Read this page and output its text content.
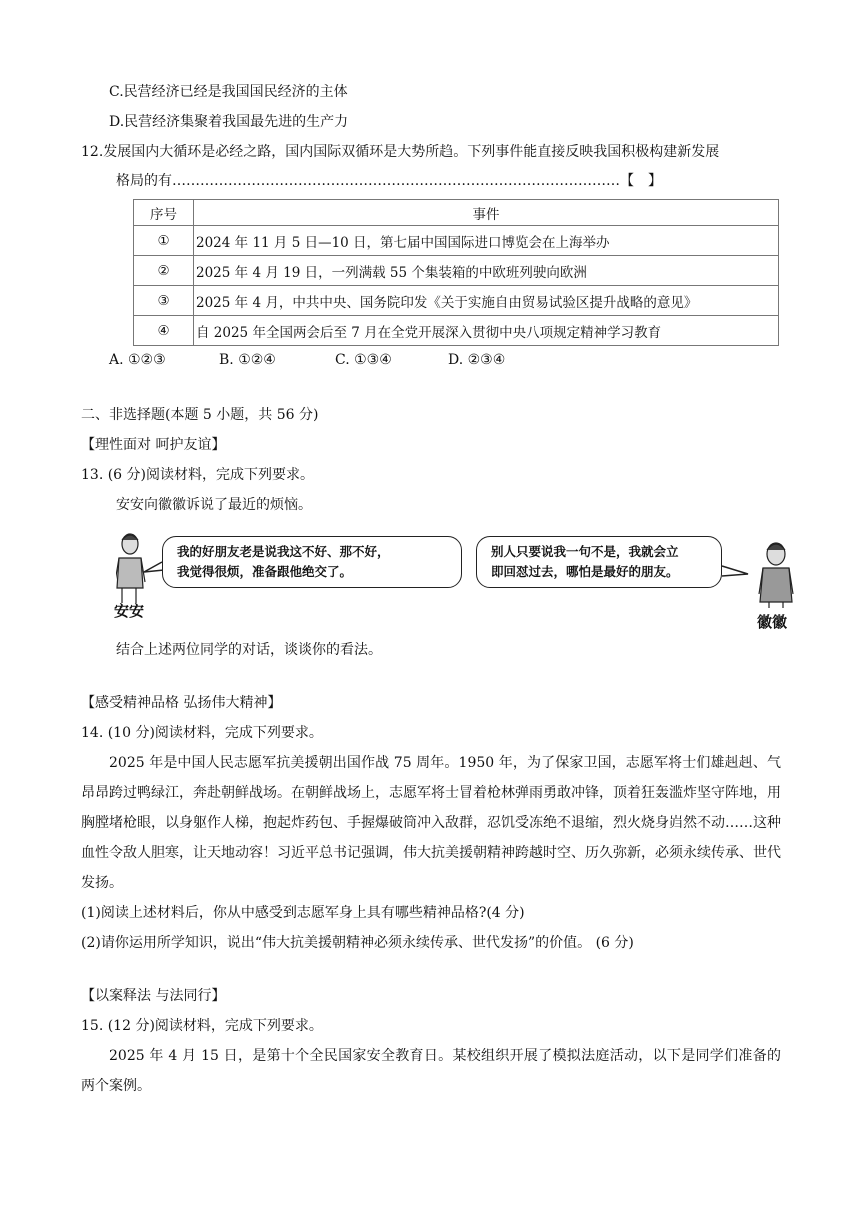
C.民营经济已经是我国国民经济的主体
D.民营经济集聚着我国最先进的生产力
12.发展国内大循环是必经之路，国内国际双循环是大势所趋。下列事件能直接反映我国积极构建新发展
格局的有……………………………………………………………………………………【　】
序号	事件
①	2024 年 11 月 5 日—10 日，第七届中国国际进口博览会在上海举办
②	2025 年 4 月 19 日，一列满载 55 个集装箱的中欧班列驶向欧洲
③	2025 年 4 月，中共中央、国务院印发《关于实施自由贸易试验区提升战略的意见》
④	自 2025 年全国两会后至 7 月在全党开展深入贯彻中央八项规定精神学习教育
A. ①②③	B. ①②④	C. ①③④	D. ②③④
二、非选择题(本题 5 小题，共 56 分)
【理性面对 呵护友谊】
13. (6 分)阅读材料，完成下列要求。
安安向徽徽诉说了最近的烦恼。
我的好朋友老是说我这不好、那不好，
我觉得很烦，准备跟他绝交了。
别人只要说我一句不是，我就会立
即回怼过去，哪怕是最好的朋友。
安安
徽徽
结合上述两位同学的对话，谈谈你的看法。
【感受精神品格 弘扬伟大精神】
14. (10 分)阅读材料，完成下列要求。

2025 年是中国人民志愿军抗美援朝出国作战 75 周年。1950 年，为了保家卫国，志愿军将士们雄赳赳、气昂昂跨过鸭绿江，奔赴朝鲜战场。在朝鲜战场上，志愿军将士冒着枪林弹雨勇敢冲锋，顶着狂轰滥炸坚守阵地，用胸膛堵枪眼，以身躯作人梯，抱起炸药包、手握爆破筒冲入敌群，忍饥受冻绝不退缩，烈火烧身岿然不动……这种血性令敌人胆寒，让天地动容！习近平总书记强调，伟大抗美援朝精神跨越时空、历久弥新，必须永续传承、世代发扬。

(1)阅读上述材料后，你从中感受到志愿军身上具有哪些精神品格?(4 分)
(2)请你运用所学知识，说出“伟大抗美援朝精神必须永续传承、世代发扬”的价值。 (6 分)
【以案释法 与法同行】
15. (12 分)阅读材料，完成下列要求。

2025 年 4 月 15 日，是第十个全民国家安全教育日。某校组织开展了模拟法庭活动，以下是同学们准备的两个案例。
